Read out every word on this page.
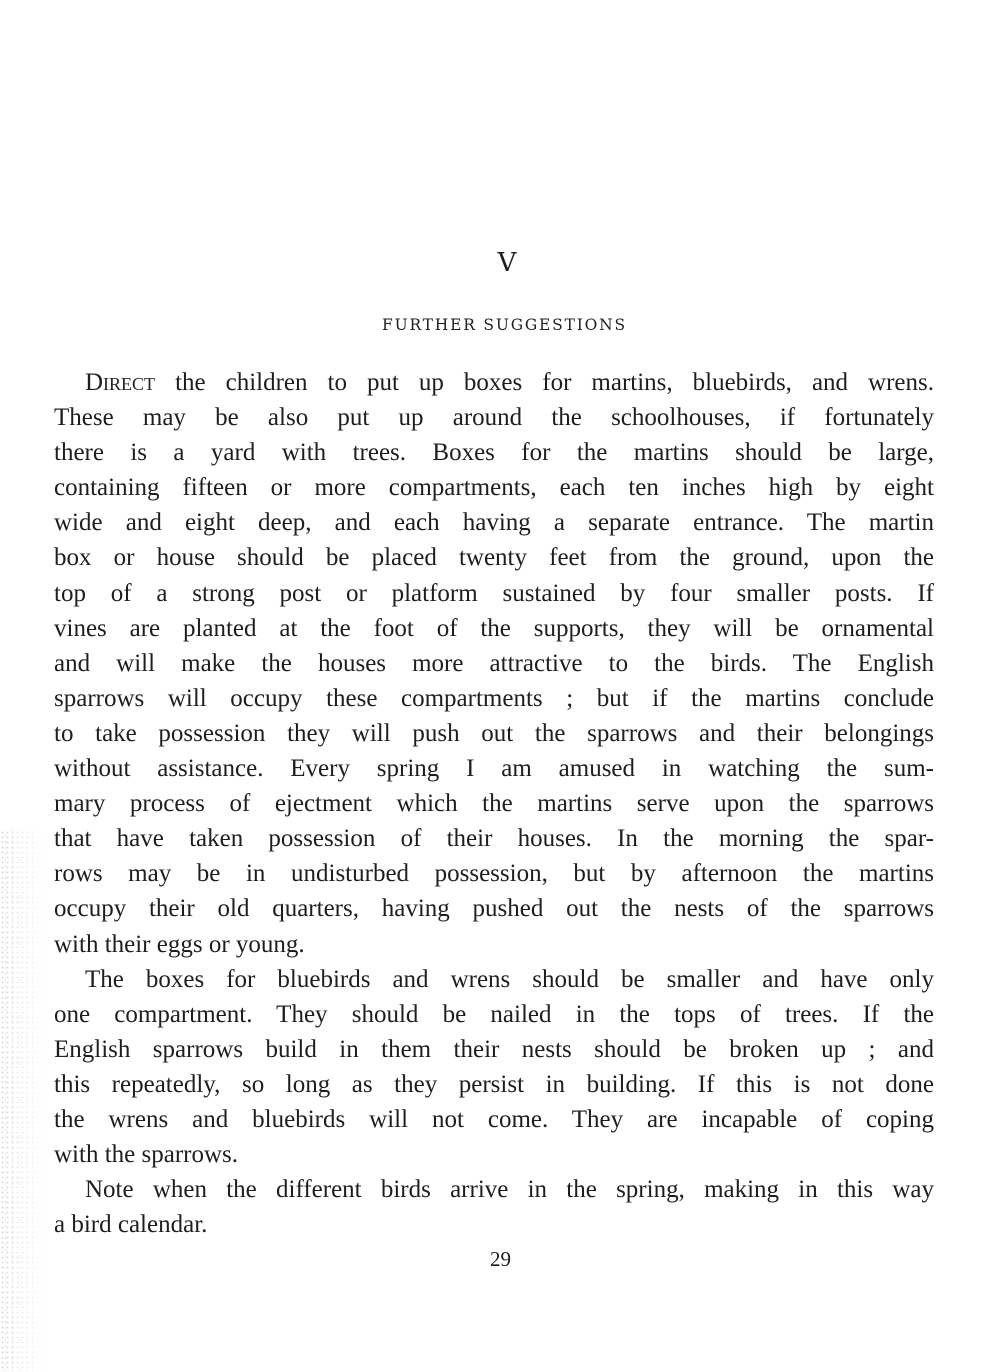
V
FURTHER SUGGESTIONS
Direct the children to put up boxes for martins, bluebirds, and wrens.
These may be also put up around the schoolhouses, if fortunately
there is a yard with trees. Boxes for the martins should be large,
containing fifteen or more compartments, each ten inches high by eight
wide and eight deep, and each having a separate entrance. The martin
box or house should be placed twenty feet from the ground, upon the
top of a strong post or platform sustained by four smaller posts. If
vines are planted at the foot of the supports, they will be ornamental
and will make the houses more attractive to the birds. The English
sparrows will occupy these compartments ; but if the martins conclude
to take possession they will push out the sparrows and their belongings
without assistance. Every spring I am amused in watching the sum-
mary process of ejectment which the martins serve upon the sparrows
that have taken possession of their houses. In the morning the spar-
rows may be in undisturbed possession, but by afternoon the martins
occupy their old quarters, having pushed out the nests of the sparrows
with their eggs or young.
The boxes for bluebirds and wrens should be smaller and have only
one compartment. They should be nailed in the tops of trees. If the
English sparrows build in them their nests should be broken up ; and
this repeatedly, so long as they persist in building. If this is not done
the wrens and bluebirds will not come. They are incapable of coping
with the sparrows.
Note when the different birds arrive in the spring, making in this way
a bird calendar.
29
